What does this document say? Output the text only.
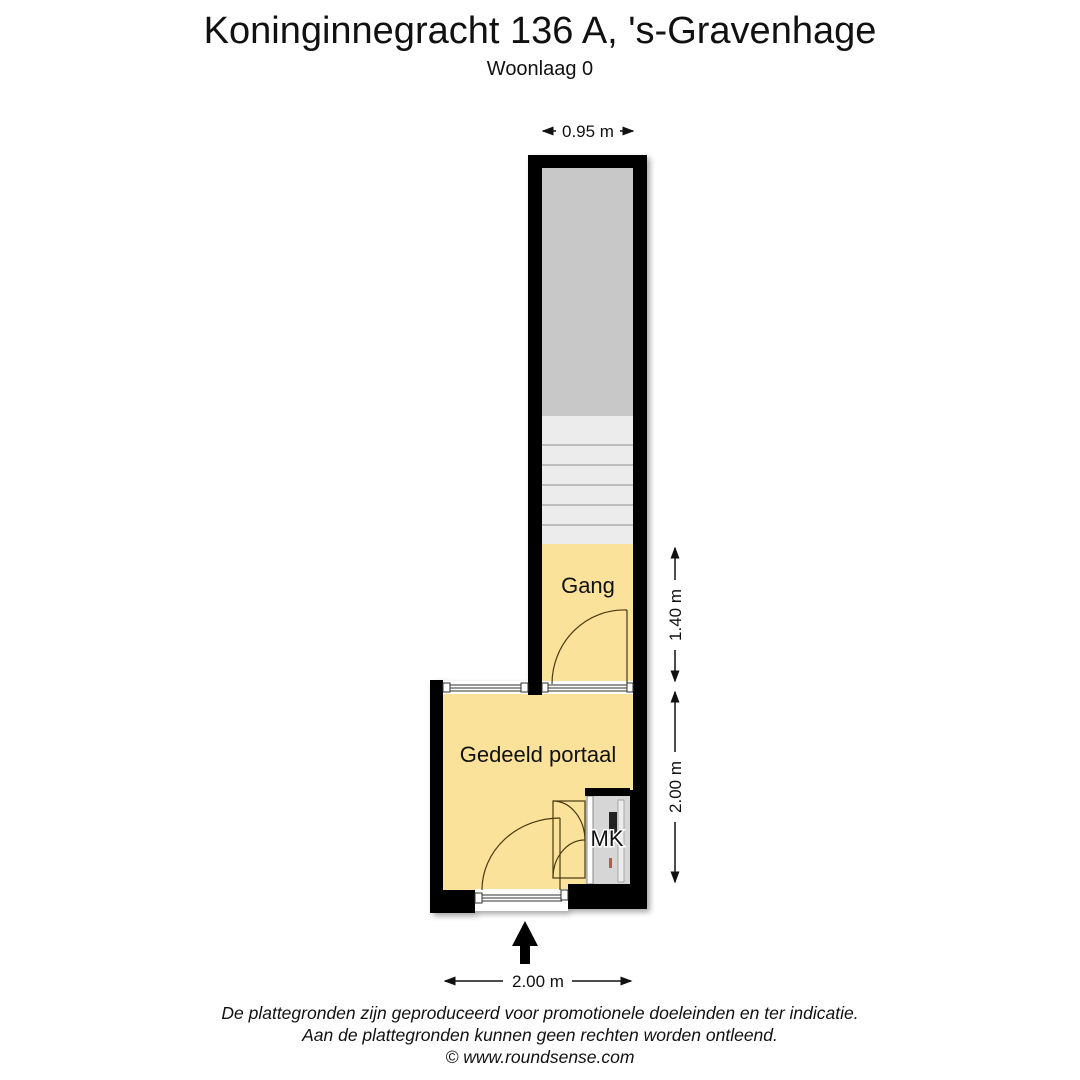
Koninginnegracht 136 A, 's-Gravenhage
Woonlaag 0
0.95 m
Gang
Gedeeld portaal
MK
1.40 m
2.00 m
2.00 m
De plattegronden zijn geproduceerd voor promotionele doeleinden en ter indicatie.
Aan de plattegronden kunnen geen rechten worden ontleend.
© www.roundsense.com
